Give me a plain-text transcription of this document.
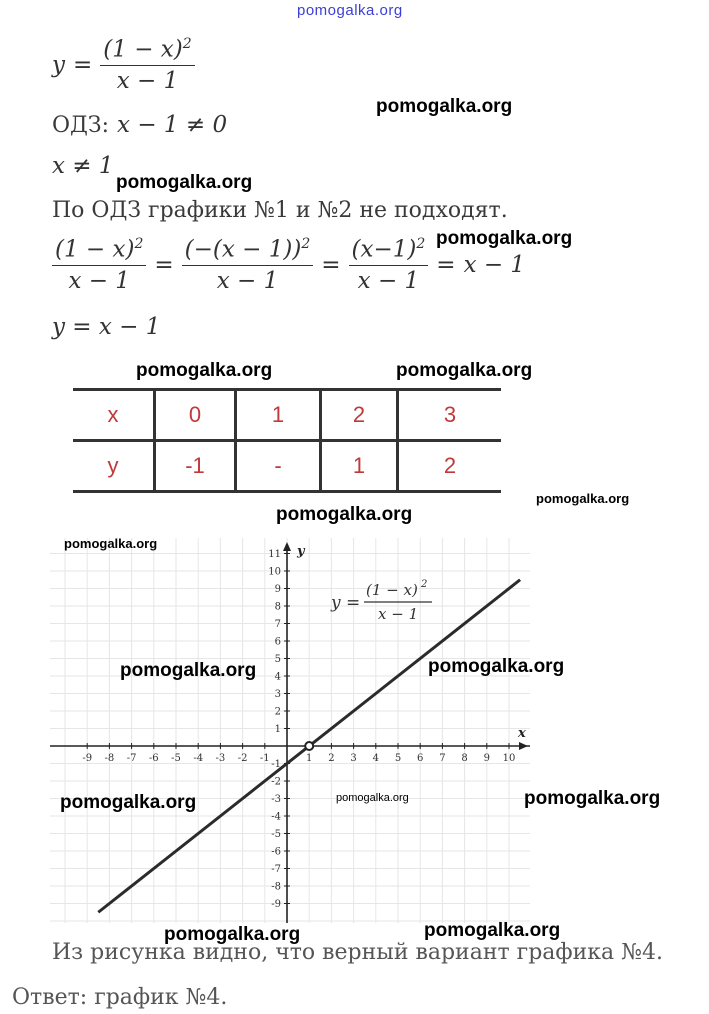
pomogalka.org
$y = \frac{(1 - x)^2}{x - 1}$
ОДЗ: x − 1 ≠ 0
x ≠ 1
По ОДЗ графики №1 и №2 не подходят.
$\frac{(1 - x)^2}{x - 1} = \frac{(-(x - 1))^2}{x - 1} = \frac{(x-1)^2}{x - 1} = x - 1$
y = x − 1
x	0	1	2	3
y	-1	-	1	2
-9 -8 -7 -6 -5 -4 -3 -2 -1	1 2 3 4 5 6 7 8 9 10
11
10
9
8
7
6
5
4
3
2
1
-1
-2
-3
-4
-5
-6
-7
-8
-9
x
y
y =
(1 − x) 2
x − 1
Из рисунка видно, что верный вариант графика №4.
Ответ: график №4.
pomogalka.org
pomogalka.org
pomogalka.org
pomogalka.org	pomogalka.org
pomogalka.org
pomogalka.org
pomogalka.org
pomogalka.org	pomogalka.org
pomogalka.org	pomogalka.org	pomogalka.org
pomogalka.org
pomogalka.org
